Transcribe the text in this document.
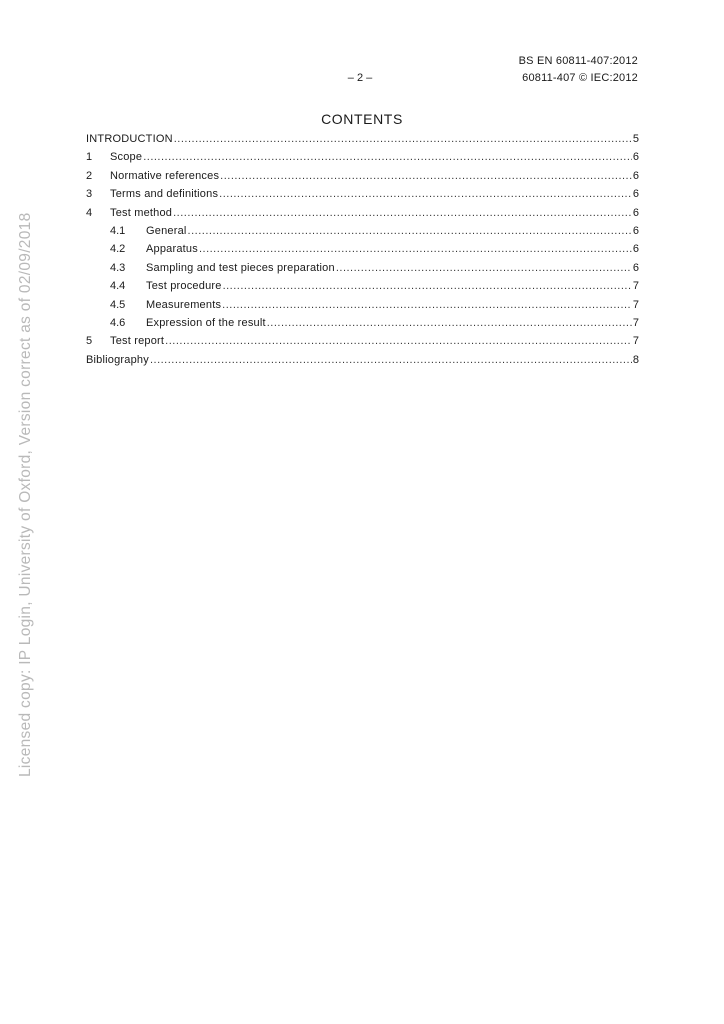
BS EN 60811-407:2012
– 2 –	60811-407 © IEC:2012
CONTENTS
INTRODUCTION .....	5
1	Scope .....	6
2	Normative references .....	6
3	Terms and definitions .....	6
4	Test method .....	6
4.1	General .....	6
4.2	Apparatus .....	6
4.3	Sampling and test pieces preparation .....	6
4.4	Test procedure .....	7
4.5	Measurements .....	7
4.6	Expression of the result .....	7
5	Test report .....	7
Bibliography .....	8
Licensed copy: IP Login, University of Oxford, Version correct as of 02/09/2018
